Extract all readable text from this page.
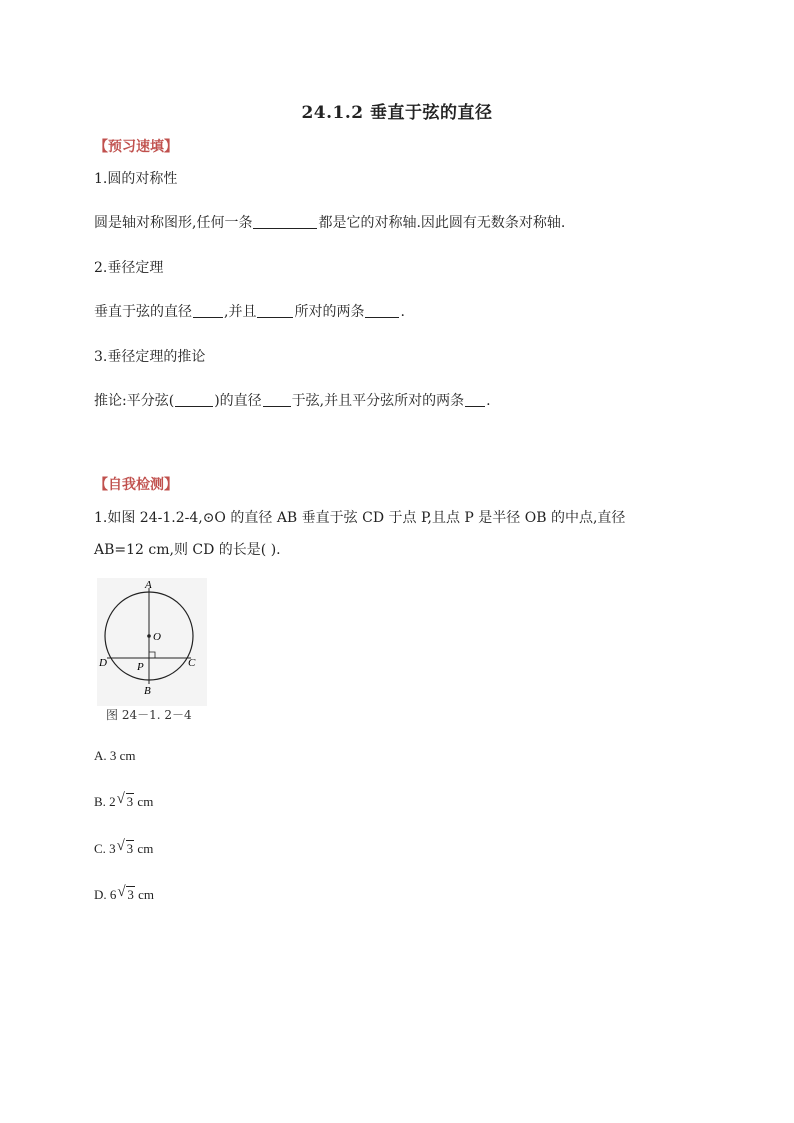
24.1.2 垂直于弦的直径
【预习速填】
1.圆的对称性
圆是轴对称图形,任何一条	都是它的对称轴.因此圆有无数条对称轴.
2.垂径定理
垂直于弦的直径 ,并且	所对的两条	.
3.垂径定理的推论
推论:平分弦(	)的直径 于弦,并且平分弦所对的两条 .
【自我检测】
1.如图 24-1.2-4,⊙O 的直径 AB 垂直于弦 CD 于点 P,且点 P 是半径 OB 的中点,直径
AB=12 cm,则 CD 的长是( ).
A
O
D	P	C
B
图 24－1. 2－4
A. 3 cm
B. 2 √ 3 cm
C. 3 √ 3 cm
D. 6 √ 3 cm
